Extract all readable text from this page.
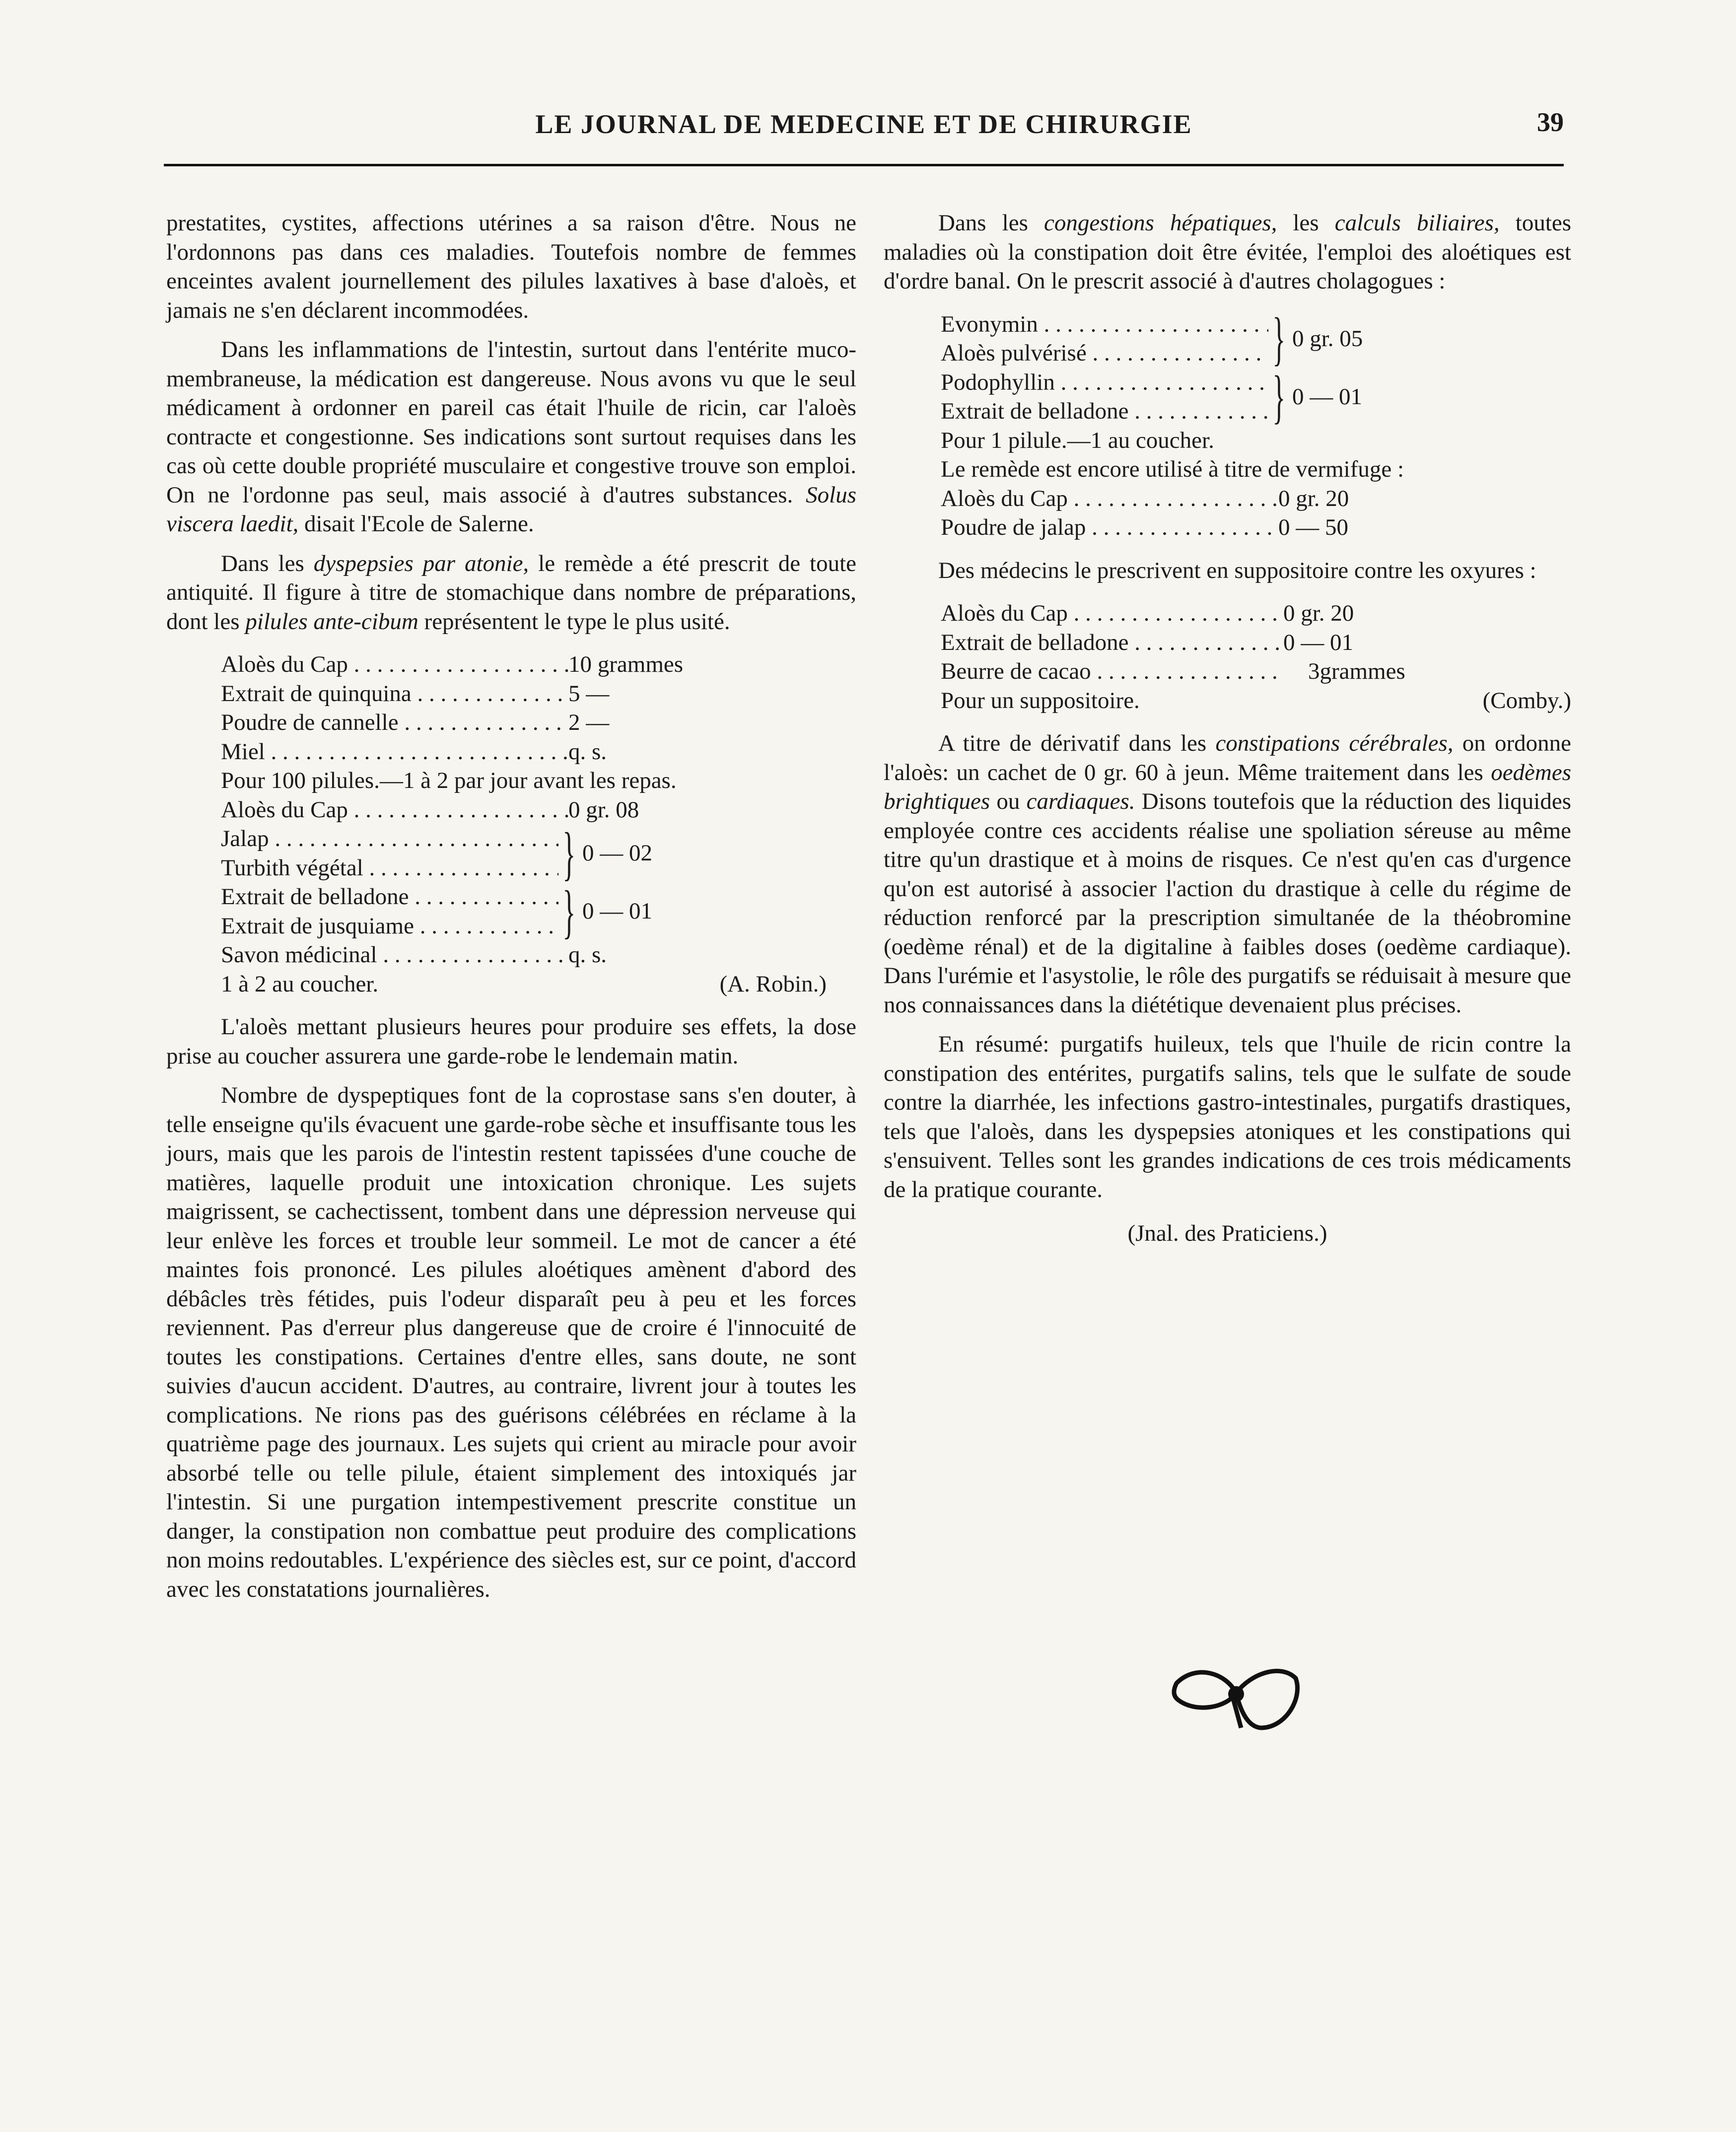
LE JOURNAL DE MEDECINE ET DE CHIRURGIE	39

prestatites, cystites, affections utérines a sa raison d'être. Nous ne l'ordonnons pas dans ces maladies. Toutefois nombre de femmes enceintes avalent journellement des pilules laxatives à base d'aloès, et jamais ne s'en déclarent incommodées.

Dans les inflammations de l'intestin, surtout dans l'entérite muco-membraneuse, la médication est dangereuse. Nous avons vu que le seul médicament à ordonner en pareil cas était l'huile de ricin, car l'aloès contracte et congestionne. Ses indications sont surtout requises dans les cas où cette double propriété musculaire et congestive trouve son emploi. On ne l'ordonne pas seul, mais associé à d'autres substances. Solus viscera laedit, disait l'Ecole de Salerne.

Dans les dyspepsies par atonie, le remède a été prescrit de toute antiquité. Il figure à titre de stomachique dans nombre de préparations, dont les pilules ante-cibum représentent le type le plus usité.

Aloès du Cap . . .	10 grammes
Extrait de quinquina . . .	5 —
Poudre de cannelle . . .	2 —
Miel . . .	q. s.
Pour 100 pilules.—1 à 2 par jour avant les repas.
Aloès du Cap . . .	0 gr. 08
Jalap . . .
Turbith végétal . . .	} 0 — 02
Extrait de belladone . . .
Extrait de jusquiame . . .	} 0 — 01
Savon médicinal . . .	q. s.
1 à 2 au coucher.	(A. Robin.)

L'aloès mettant plusieurs heures pour produire ses effets, la dose prise au coucher assurera une garde-robe le lendemain matin.

Nombre de dyspeptiques font de la coprostase sans s'en douter, à telle enseigne qu'ils évacuent une garde-robe sèche et insuffisante tous les jours, mais que les parois de l'intestin restent tapissées d'une couche de matières, laquelle produit une intoxication chronique. Les sujets maigrissent, se cachectissent, tombent dans une dépression nerveuse qui leur enlève les forces et trouble leur sommeil. Le mot de cancer a été maintes fois prononcé. Les pilules aloétiques amènent d'abord des débâcles très fétides, puis l'odeur disparaît peu à peu et les forces reviennent. Pas d'erreur plus dangereuse que de croire é l'innocuité de toutes les constipations. Certaines d'entre elles, sans doute, ne sont suivies d'aucun accident. D'autres, au contraire, livrent jour à toutes les complications. Ne rions pas des guérisons célébrées en réclame à la quatrième page des journaux. Les sujets qui crient au miracle pour avoir absorbé telle ou telle pilule, étaient simplement des intoxiqués jar l'intestin. Si une purgation intempestivement prescrite constitue un danger, la constipation non combattue peut produire des complications non moins redoutables. L'expérience des siècles est, sur ce point, d'accord avec les constatations journalières.

Dans les congestions hépatiques, les calculs biliaires, toutes maladies où la constipation doit être évitée, l'emploi des aloétiques est d'ordre banal. On le prescrit associé à d'autres cholagogues :

Evonymin . . .
Aloès pulvérisé . . .	} 0 gr. 05
Podophyllin . . .
Extrait de belladone . . .	} 0 — 01
Pour 1 pilule.—1 au coucher.
Le remède est encore utilisé à titre de vermifuge :
Aloès du Cap . . .	0 gr. 20
Poudre de jalap . . .	0 — 50

Des médecins le prescrivent en suppositoire contre les oxyures :

Aloès du Cap . . .	0 gr. 20
Extrait de belladone . . .	0 — 01
Beurre de cacao . . .	3grammes
Pour un suppositoire.	(Comby.)

A titre de dérivatif dans les constipations cérébrales, on ordonne l'aloès: un cachet de 0 gr. 60 à jeun. Même traitement dans les oedèmes brightiques ou cardiaques. Disons toutefois que la réduction des liquides employée contre ces accidents réalise une spoliation séreuse au même titre qu'un drastique et à moins de risques. Ce n'est qu'en cas d'urgence qu'on est autorisé à associer l'action du drastique à celle du régime de réduction renforcé par la prescription simultanée de la théobromine (oedème rénal) et de la digitaline à faibles doses (oedème cardiaque). Dans l'urémie et l'asystolie, le rôle des purgatifs se réduisait à mesure que nos connaissances dans la diététique devenaient plus précises.

En résumé: purgatifs huileux, tels que l'huile de ricin contre la constipation des entérites, purgatifs salins, tels que le sulfate de soude contre la diarrhée, les infections gastro-intestinales, purgatifs drastiques, tels que l'aloès, dans les dyspepsies atoniques et les constipations qui s'ensuivent. Telles sont les grandes indications de ces trois médicaments de la pratique courante.

(Jnal. des Praticiens.)
